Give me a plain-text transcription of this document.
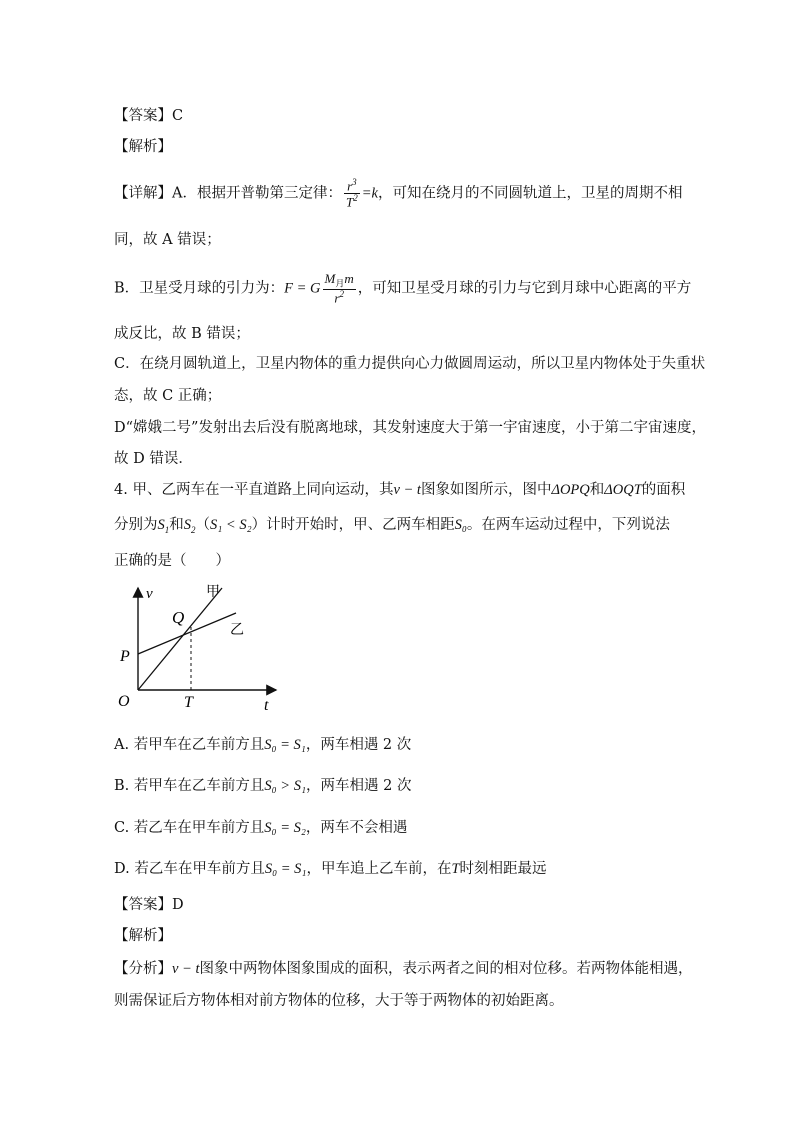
【答案】C
【解析】
【详解】A．根据开普勒第三定律： $\frac{r^3}{T^2} =k$，可知在绕月的不同圆轨道上，卫星的周期不相
同，故 A 错误；
B．卫星受月球的引力为：F = G $\frac{M_月m}{r^2}$ ，可知卫星受月球的引力与它到月球中心距离的平方
成反比，故 B 错误；
C．在绕月圆轨道上，卫星内物体的重力提供向心力做圆周运动，所以卫星内物体处于失重状
态，故 C 正确；
D“嫦娥二号”发射出去后没有脱离地球，其发射速度大于第一宇宙速度，小于第二宇宙速度，
故 D 错误．
4. 甲、乙两车在一平直道路上同向运动，其v − t图象如图所示，图中ΔOPQ和ΔOQT的面积
分别为$S_1$和$S_2(S_1 < S_2)$计时开始时，甲、乙两车相距S₀。在两车运动过程中，下列说法
正确的是（　　）
v
t
O
P
Q
T
甲
乙
A. 若甲车在乙车前方且S₀ = S₁，两车相遇 2 次
B. 若甲车在乙车前方且S₀ > S₁，两车相遇 2 次
C. 若乙车在甲车前方且S₀ = S₂，两车不会相遇
D. 若乙车在甲车前方且S₀ = S₁，甲车追上乙车前，在T时刻相距最远
【答案】D
【解析】
【分析】v − t图象中两物体图象围成的面积，表示两者之间的相对位移。若两物体能相遇，
则需保证后方物体相对前方物体的位移，大于等于两物体的初始距离。
